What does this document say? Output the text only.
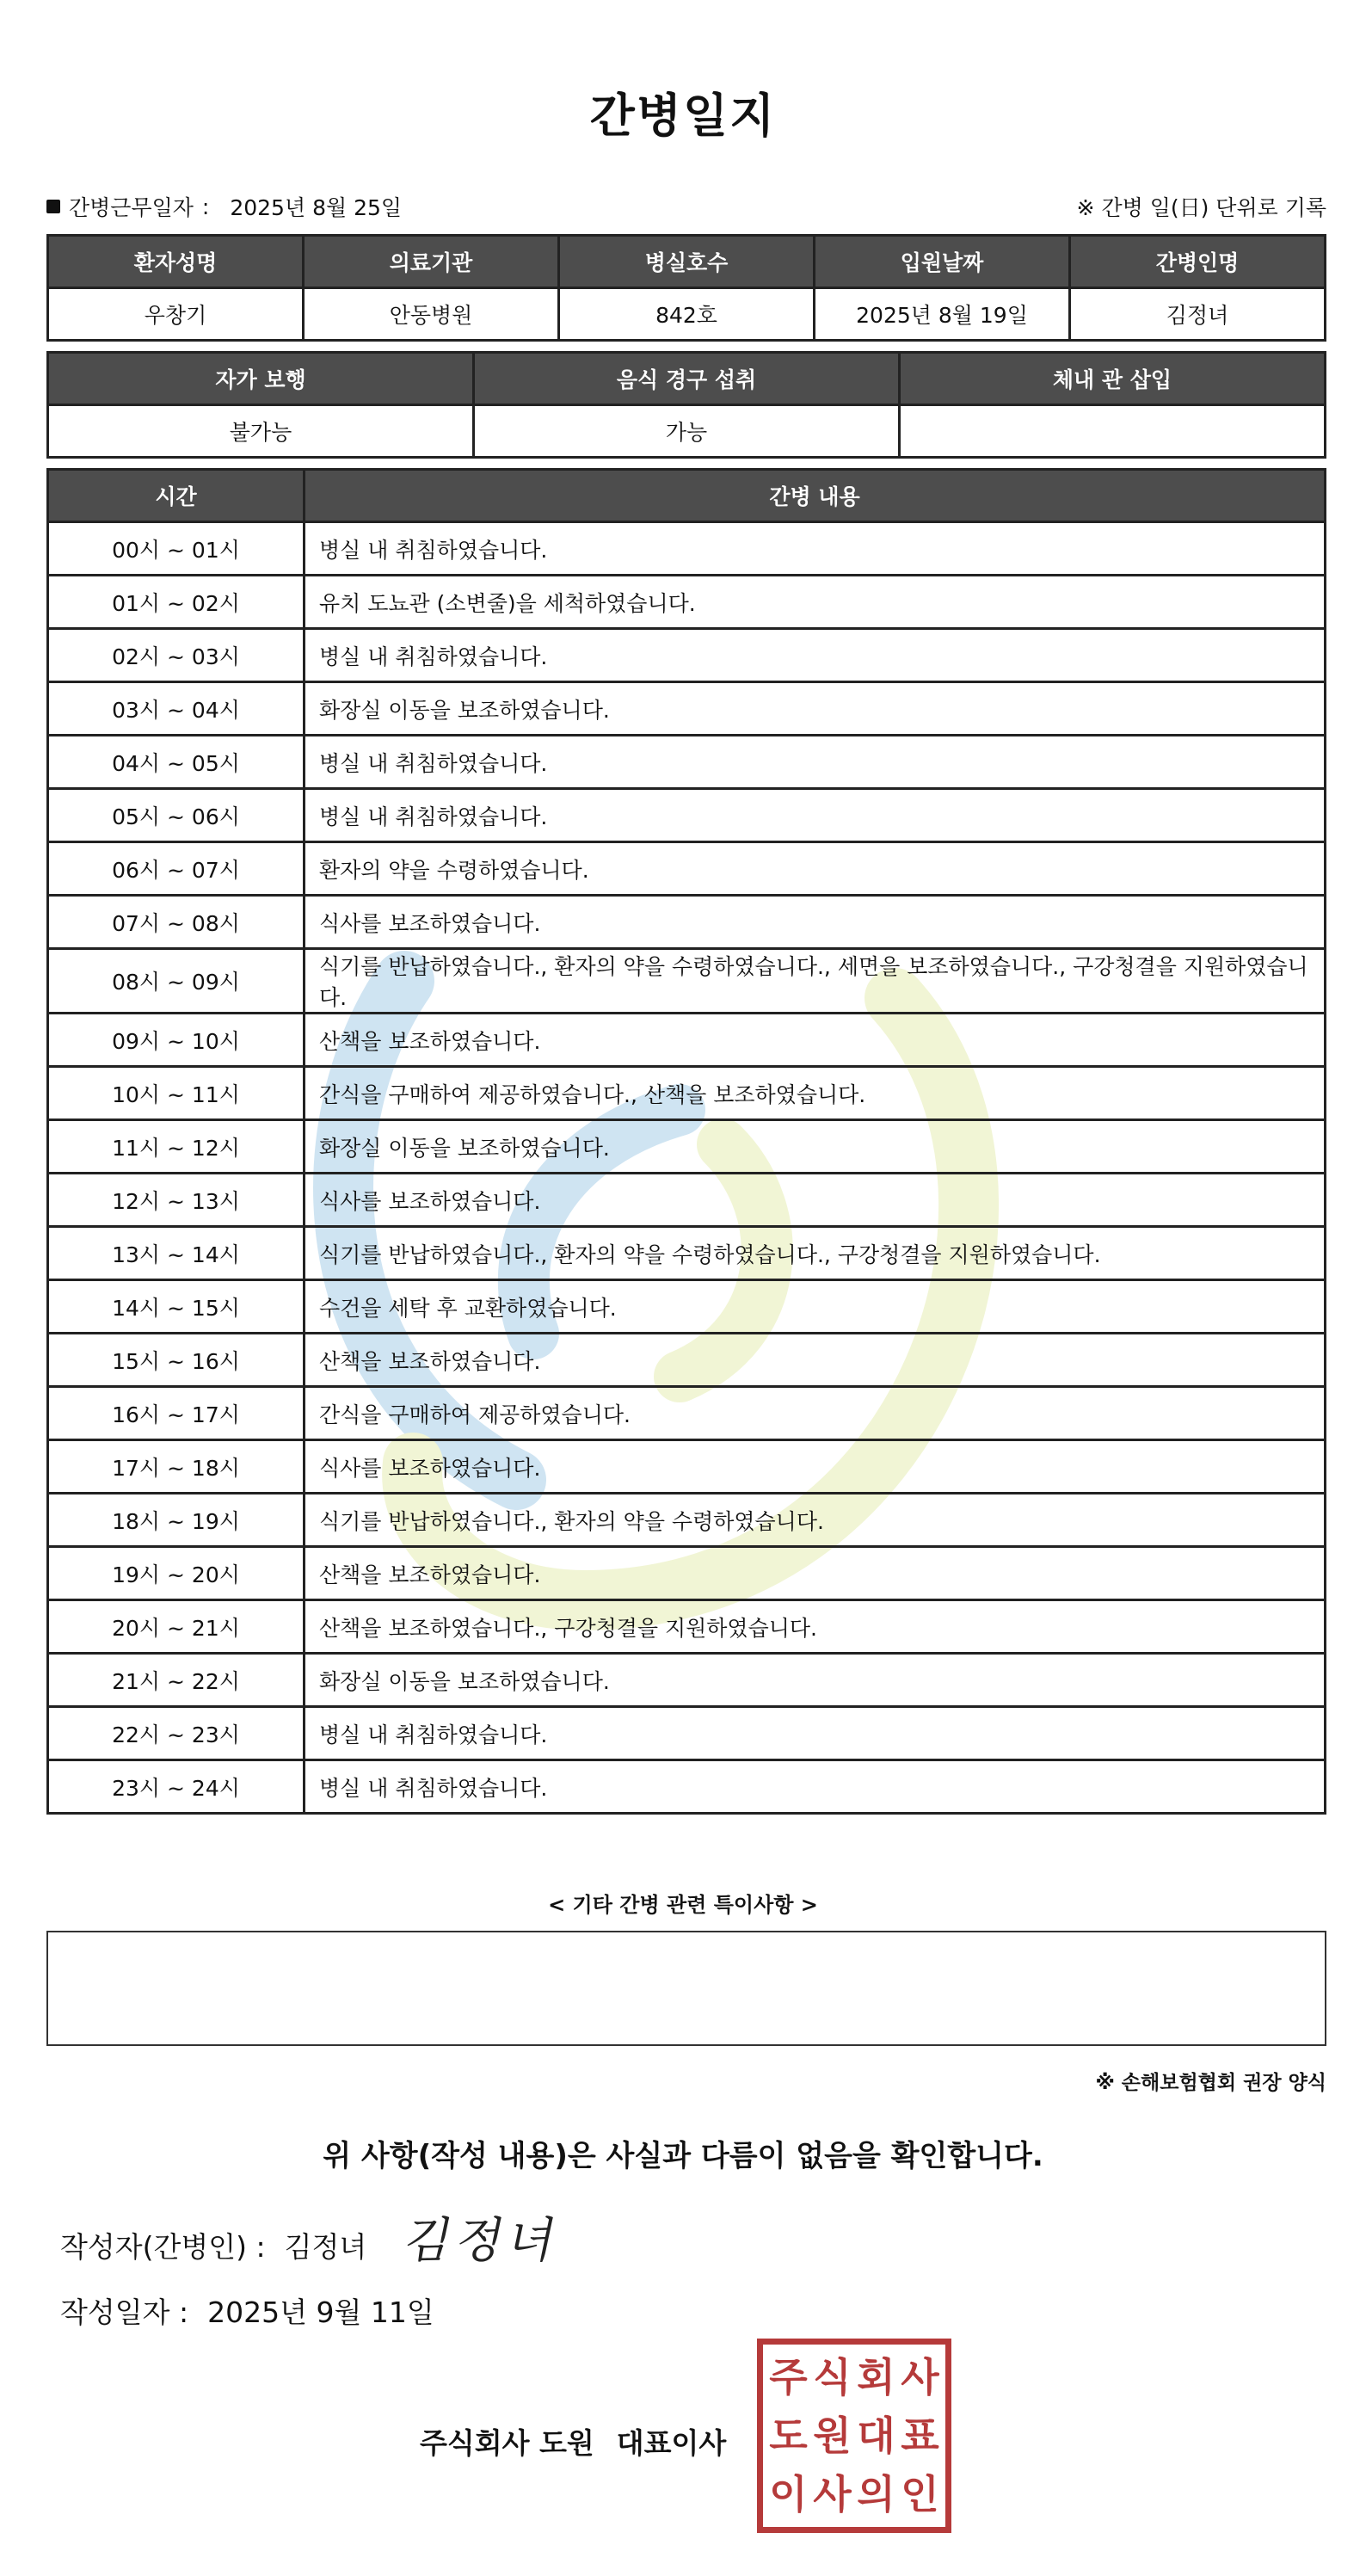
간병일지
간병근무일자 : 2025년 8월 25일	※ 간병 일(日) 단위로 기록
환자성명	의료기관	병실호수	입원날짜	간병인명
우창기	안동병원	842호	2025년 8월 19일	김정녀
자가 보행	음식 경구 섭취	체내 관 삽입
불가능	가능	
시간	간병 내용
00시 ~ 01시	병실 내 취침하였습니다.
01시 ~ 02시	유치 도뇨관 (소변줄)을 세척하였습니다.
02시 ~ 03시	병실 내 취침하였습니다.
03시 ~ 04시	화장실 이동을 보조하였습니다.
04시 ~ 05시	병실 내 취침하였습니다.
05시 ~ 06시	병실 내 취침하였습니다.
06시 ~ 07시	환자의 약을 수령하였습니다.
07시 ~ 08시	식사를 보조하였습니다.
08시 ~ 09시	식기를 반납하였습니다., 환자의 약을 수령하였습니다., 세면을 보조하였습니다., 구강청결을 지원하였습니다.
09시 ~ 10시	산책을 보조하였습니다.
10시 ~ 11시	간식을 구매하여 제공하였습니다., 산책을 보조하였습니다.
11시 ~ 12시	화장실 이동을 보조하였습니다.
12시 ~ 13시	식사를 보조하였습니다.
13시 ~ 14시	식기를 반납하였습니다., 환자의 약을 수령하였습니다., 구강청결을 지원하였습니다.
14시 ~ 15시	수건을 세탁 후 교환하였습니다.
15시 ~ 16시	산책을 보조하였습니다.
16시 ~ 17시	간식을 구매하여 제공하였습니다.
17시 ~ 18시	식사를 보조하였습니다.
18시 ~ 19시	식기를 반납하였습니다., 환자의 약을 수령하였습니다.
19시 ~ 20시	산책을 보조하였습니다.
20시 ~ 21시	산책을 보조하였습니다., 구강청결을 지원하였습니다.
21시 ~ 22시	화장실 이동을 보조하였습니다.
22시 ~ 23시	병실 내 취침하였습니다.
23시 ~ 24시	병실 내 취침하였습니다.
< 기타 간병 관련 특이사항 >
※ 손해보험협회 권장 양식
위 사항(작성 내용)은 사실과 다름이 없음을 확인합니다.
작성자(간병인) : 김정녀 김정녀
작성일자 : 2025년 9월 11일
주식회사 도원 대표이사
주 식 회 사
도 원 대 표
이 사 의 인
